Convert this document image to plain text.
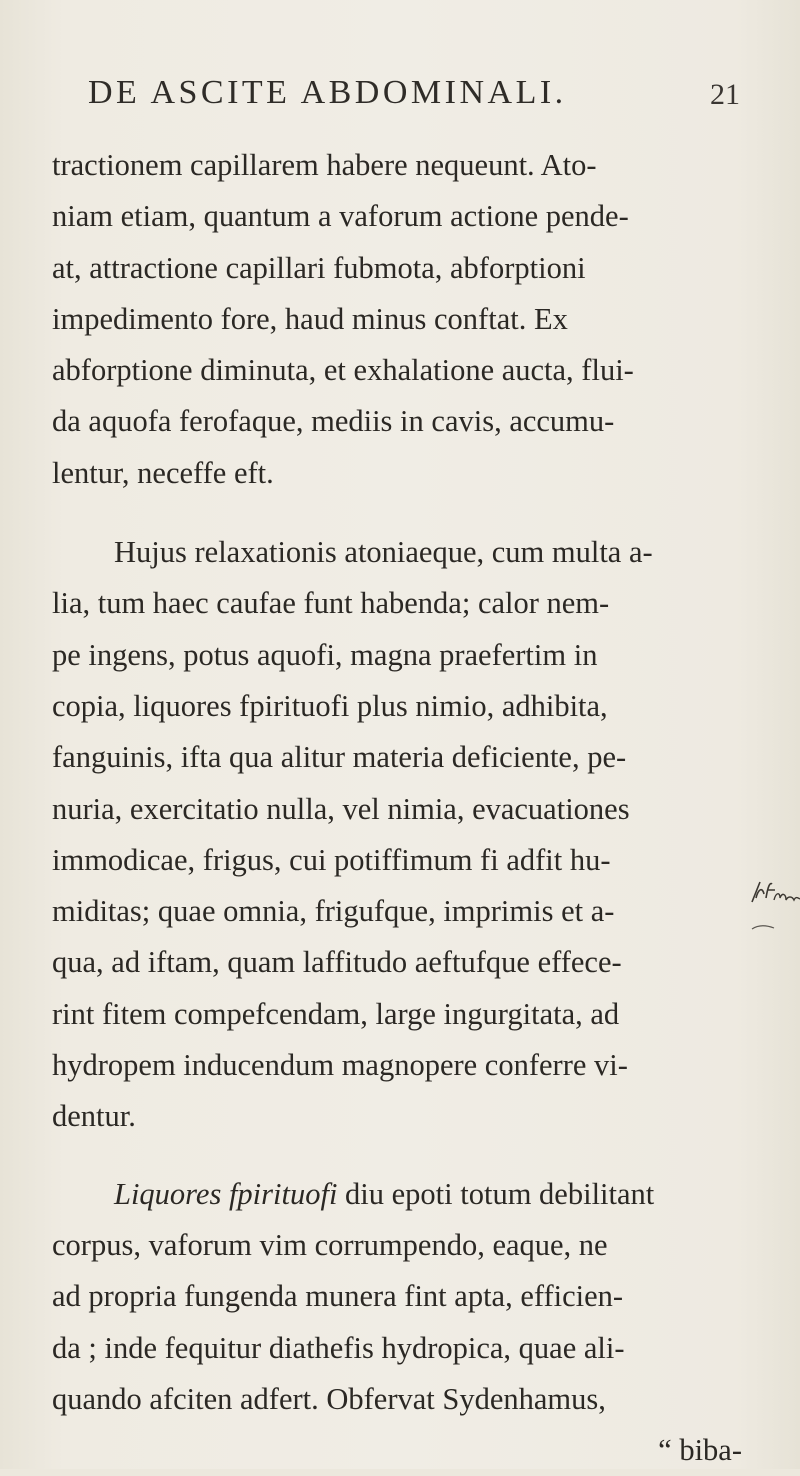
DE ASCITE ABDOMINALI.	21
tractionem capillarem habere nequeunt. Ato-
niam etiam, quantum a vaforum actione pende-
at, attractione capillari fubmota, abforptioni
impedimento fore, haud minus conftat. Ex
abforptione diminuta, et exhalatione aucta, flui-
da aquofa ferofaque, mediis in cavis, accumu-
lentur, neceffe eft.
Hujus relaxationis atoniaeque, cum multa a-
lia, tum haec caufae funt habenda; calor nem-
pe ingens, potus aquofi, magna praefertim in
copia, liquores fpirituofi plus nimio, adhibita,
fanguinis, ifta qua alitur materia deficiente, pe-
nuria, exercitatio nulla, vel nimia, evacuationes
immodicae, frigus, cui potiffimum fi adfit hu-
miditas; quae omnia, frigufque, imprimis et a-
qua, ad iftam, quam laffitudo aeftufque effece-
rint fitem compefcendam, large ingurgitata, ad
hydropem inducendum magnopere conferre vi-
dentur.
Liquores fpirituofi diu epoti totum debilitant
corpus, vaforum vim corrumpendo, eaque, ne
ad propria fungenda munera fint apta, efficien-
da ; inde fequitur diathefis hydropica, quae ali-
quando afciten adfert. Obfervat Sydenhamus,
“ biba-
